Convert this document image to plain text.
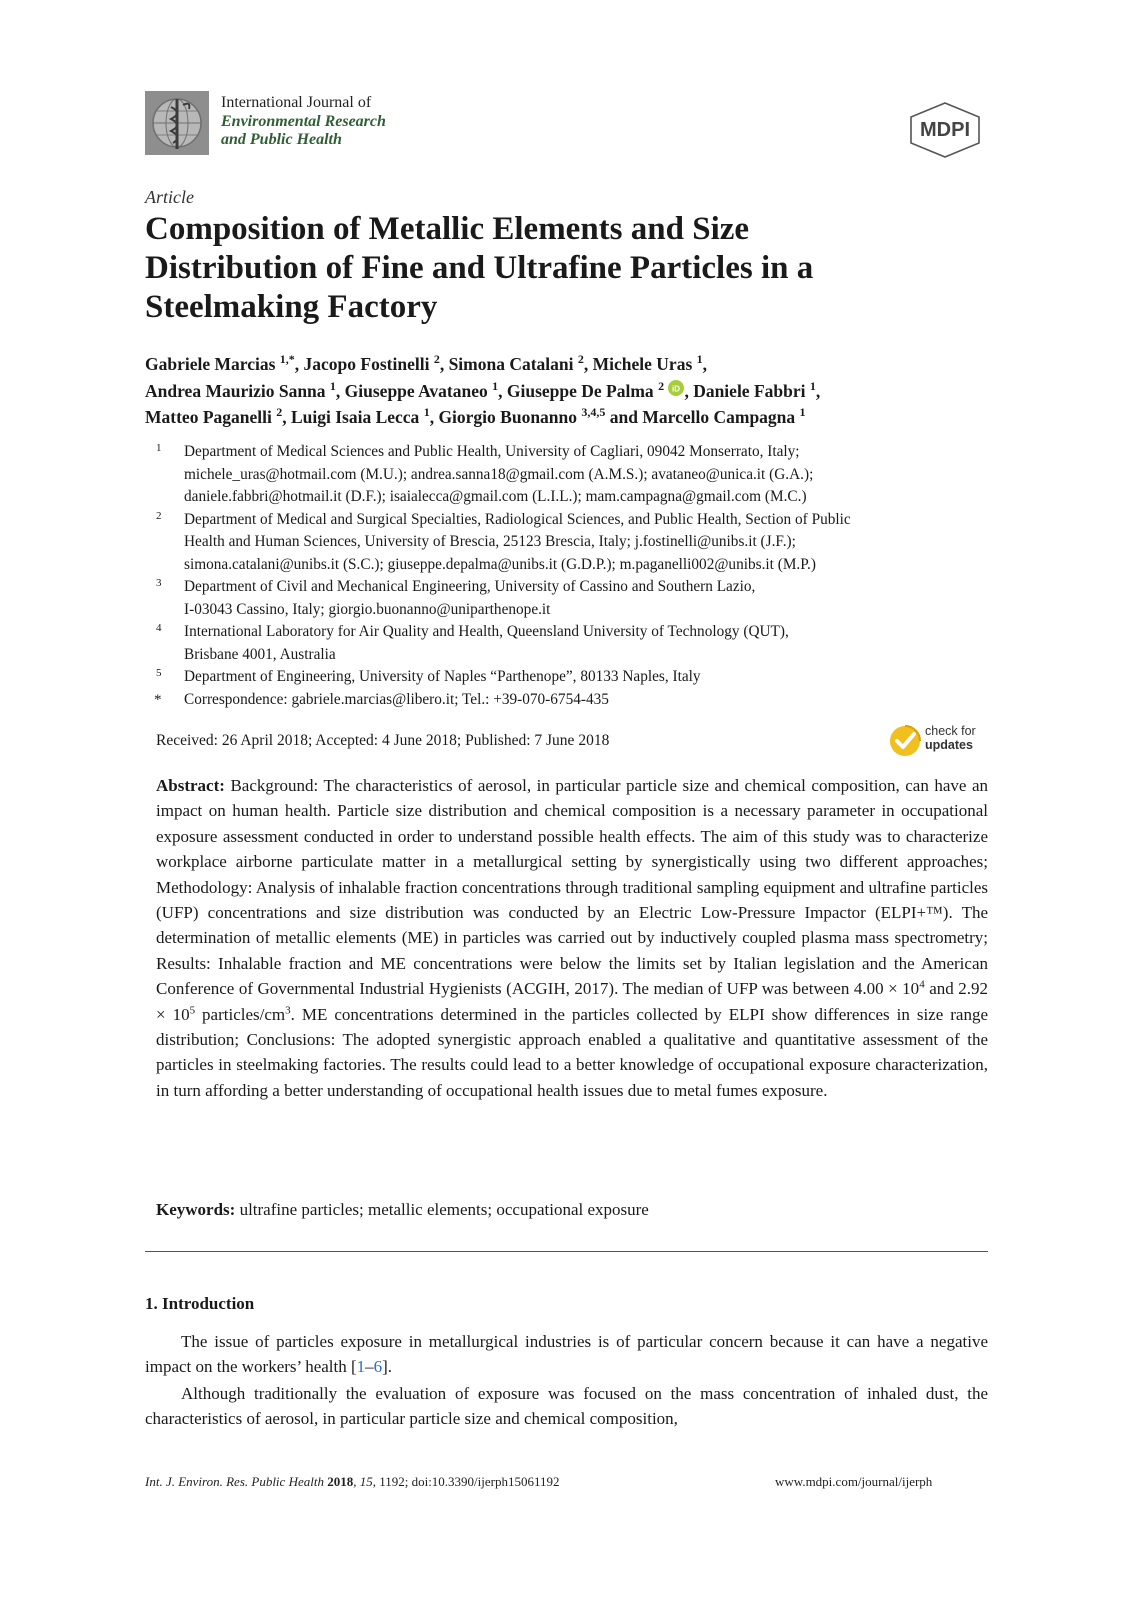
International Journal of
Environmental Research
and Public Health	MDPI
Article
Composition of Metallic Elements and Size
Distribution of Fine and Ultrafine Particles in a
Steelmaking Factory
Gabriele Marcias $^{1,*}$, Jacopo Fostinelli $^2$, Simona Catalani $^2$, Michele Uras $^1$,
Andrea Maurizio Sanna $^1$, Giuseppe Avataneo $^1$, Giuseppe De Palma $^2$ iD , Daniele Fabbri $^1$,
Matteo Paganelli $^2$, Luigi Isaia Lecca $^1$, Giorgio Buonanno $^{3,4,5}$ and Marcello Campagna $^1$
1 Department of Medical Sciences and Public Health, University of Cagliari, 09042 Monserrato, Italy;
michele_uras@hotmail.com (M.U.); andrea.sanna18@gmail.com (A.M.S.); avataneo@unica.it (G.A.);
daniele.fabbri@hotmail.it (D.F.); isaialecca@gmail.com (L.I.L.); mam.campagna@gmail.com (M.C.)
2 Department of Medical and Surgical Specialties, Radiological Sciences, and Public Health, Section of Public
Health and Human Sciences, University of Brescia, 25123 Brescia, Italy; j.fostinelli@unibs.it (J.F.);
simona.catalani@unibs.it (S.C.); giuseppe.depalma@unibs.it (G.D.P.); m.paganelli002@unibs.it (M.P.)
3 Department of Civil and Mechanical Engineering, University of Cassino and Southern Lazio,
I-03043 Cassino, Italy; giorgio.buonanno@uniparthenope.it
4 International Laboratory for Air Quality and Health, Queensland University of Technology (QUT),
Brisbane 4001, Australia
5 Department of Engineering, University of Naples “Parthenope”, 80133 Naples, Italy
* Correspondence: gabriele.marcias@libero.it; Tel.: +39-070-6754-435
Received: 26 April 2018; Accepted: 4 June 2018; Published: 7 June 2018
check for
updates
Abstract: Background: The characteristics of aerosol, in particular particle size and chemical composition, can have an impact on human health. Particle size distribution and chemical composition is a necessary parameter in occupational exposure assessment conducted in order to understand possible health effects. The aim of this study was to characterize workplace airborne particulate matter in a metallurgical setting by synergistically using two different approaches; Methodology: Analysis of inhalable fraction concentrations through traditional sampling equipment and ultrafine particles (UFP) concentrations and size distribution was conducted by an Electric Low-Pressure Impactor (ELPI+™). The determination of metallic elements (ME) in particles was carried out by inductively coupled plasma mass spectrometry; Results: Inhalable fraction and ME concentrations were below the limits set by Italian legislation and the American Conference of Governmental Industrial Hygienists (ACGIH, 2017). The median of UFP was between $4.00 \times 10^4$ and $2.92 \times 10^5$ particles/$cm^3$. ME concentrations determined in the particles collected by ELPI show differences in size range distribution; Conclusions: The adopted synergistic approach enabled a qualitative and quantitative assessment of the particles in steelmaking factories. The results could lead to a better knowledge of occupational exposure characterization, in turn affording a better understanding of occupational health issues due to metal fumes exposure.
Keywords: ultrafine particles; metallic elements; occupational exposure
1. Introduction
The issue of particles exposure in metallurgical industries is of particular concern because it can have a negative impact on the workers’ health [1–6].
Although traditionally the evaluation of exposure was focused on the mass concentration of inhaled dust, the characteristics of aerosol, in particular particle size and chemical composition,
Int. J. Environ. Res. Public Health 2018, 15, 1192; doi:10.3390/ijerph15061192	www.mdpi.com/journal/ijerph
